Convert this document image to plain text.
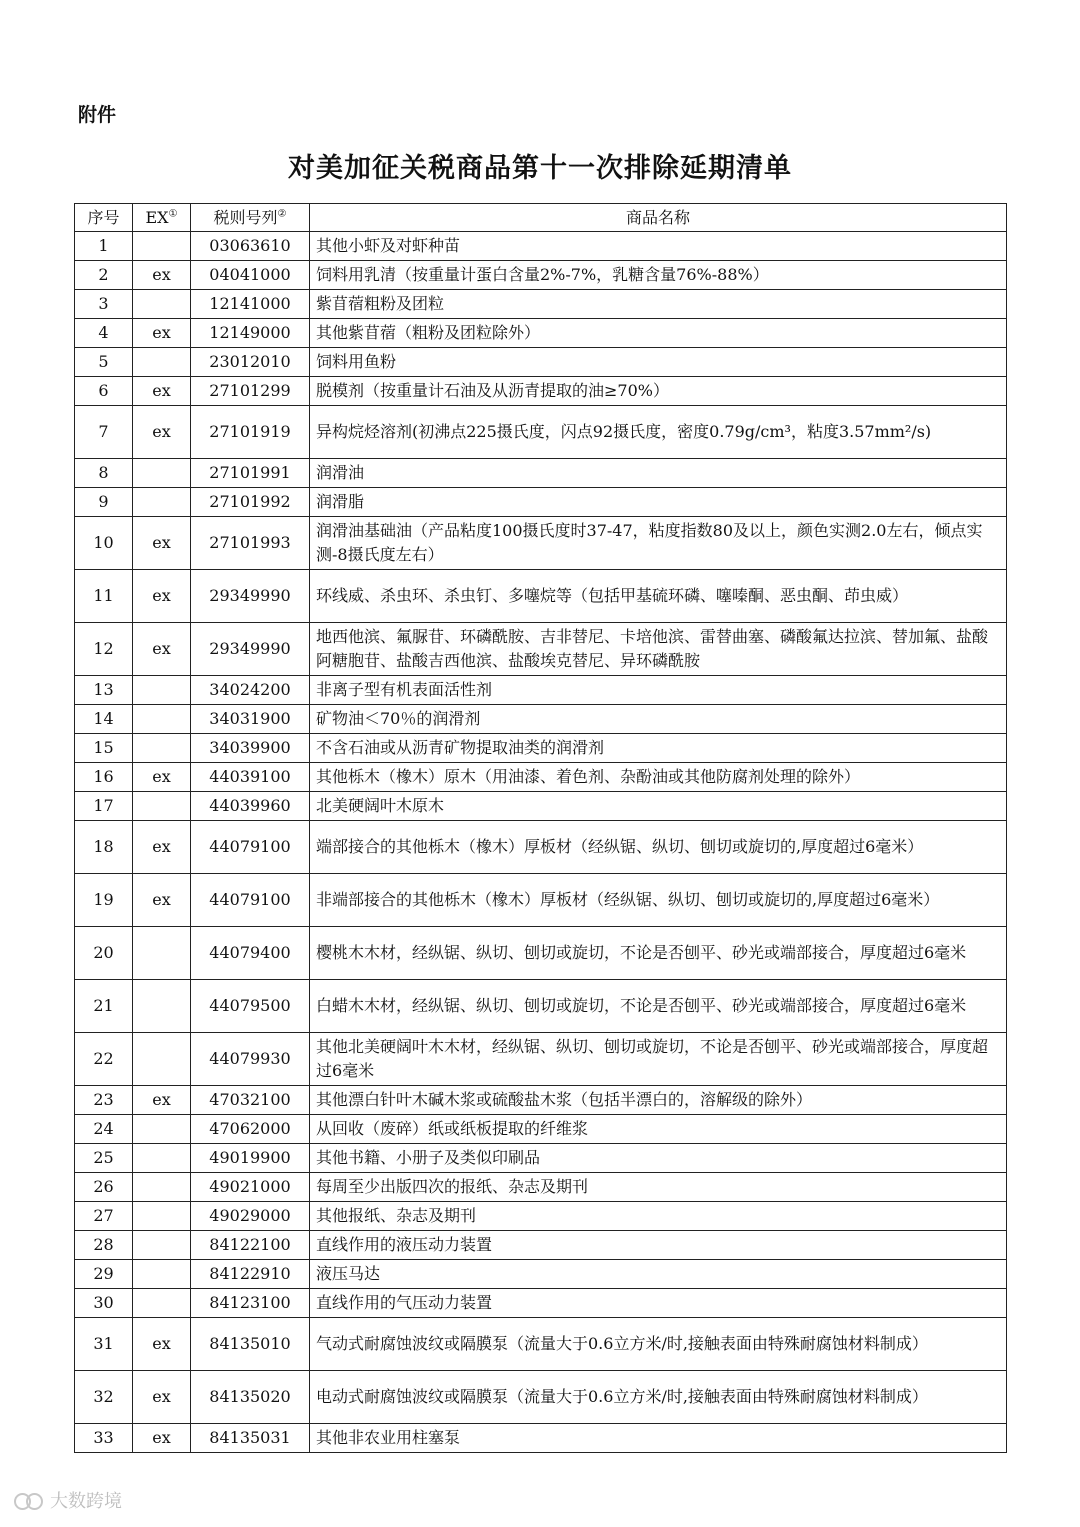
附件
对美加征关税商品第十一次排除延期清单
序号	EX①	税则号列②	商品名称
1		03063610	其他小虾及对虾种苗
2	ex	04041000	饲料用乳清（按重量计蛋白含量2%-7%，乳糖含量76%-88%）
3		12141000	紫苜蓿粗粉及团粒
4	ex	12149000	其他紫苜蓿（粗粉及团粒除外）
5		23012010	饲料用鱼粉
6	ex	27101299	脱模剂（按重量计石油及从沥青提取的油≥70%）
7	ex	27101919	异构烷烃溶剂(初沸点225摄氏度，闪点92摄氏度，密度0.79g/cm³，粘度3.57mm²/s)
8		27101991	润滑油
9		27101992	润滑脂
10	ex	27101993	润滑油基础油（产品粘度100摄氏度时37-47，粘度指数80及以上，颜色实测2.0左右，倾点实测-8摄氏度左右）
11	ex	29349990	环线威、杀虫环、杀虫钉、多噻烷等（包括甲基硫环磷、噻嗪酮、恶虫酮、茚虫威）
12	ex	29349990	地西他滨、氟脲苷、环磷酰胺、吉非替尼、卡培他滨、雷替曲塞、磷酸氟达拉滨、替加氟、盐酸阿糖胞苷、盐酸吉西他滨、盐酸埃克替尼、异环磷酰胺
13		34024200	非离子型有机表面活性剂
14		34031900	矿物油＜70％的润滑剂
15		34039900	不含石油或从沥青矿物提取油类的润滑剂
16	ex	44039100	其他栎木（橡木）原木（用油漆、着色剂、杂酚油或其他防腐剂处理的除外）
17		44039960	北美硬阔叶木原木
18	ex	44079100	端部接合的其他栎木（橡木）厚板材（经纵锯、纵切、刨切或旋切的,厚度超过6毫米）
19	ex	44079100	非端部接合的其他栎木（橡木）厚板材（经纵锯、纵切、刨切或旋切的,厚度超过6毫米）
20		44079400	樱桃木木材，经纵锯、纵切、刨切或旋切，不论是否刨平、砂光或端部接合，厚度超过6毫米
21		44079500	白蜡木木材，经纵锯、纵切、刨切或旋切，不论是否刨平、砂光或端部接合，厚度超过6毫米
22		44079930	其他北美硬阔叶木木材，经纵锯、纵切、刨切或旋切，不论是否刨平、砂光或端部接合，厚度超过6毫米
23	ex	47032100	其他漂白针叶木碱木浆或硫酸盐木浆（包括半漂白的，溶解级的除外）
24		47062000	从回收（废碎）纸或纸板提取的纤维浆
25		49019900	其他书籍、小册子及类似印刷品
26		49021000	每周至少出版四次的报纸、杂志及期刊
27		49029000	其他报纸、杂志及期刊
28		84122100	直线作用的液压动力装置
29		84122910	液压马达
30		84123100	直线作用的气压动力装置
31	ex	84135010	气动式耐腐蚀波纹或隔膜泵（流量大于0.6立方米/时,接触表面由特殊耐腐蚀材料制成）
32	ex	84135020	电动式耐腐蚀波纹或隔膜泵（流量大于0.6立方米/时,接触表面由特殊耐腐蚀材料制成）
33	ex	84135031	其他非农业用柱塞泵
大数跨境
